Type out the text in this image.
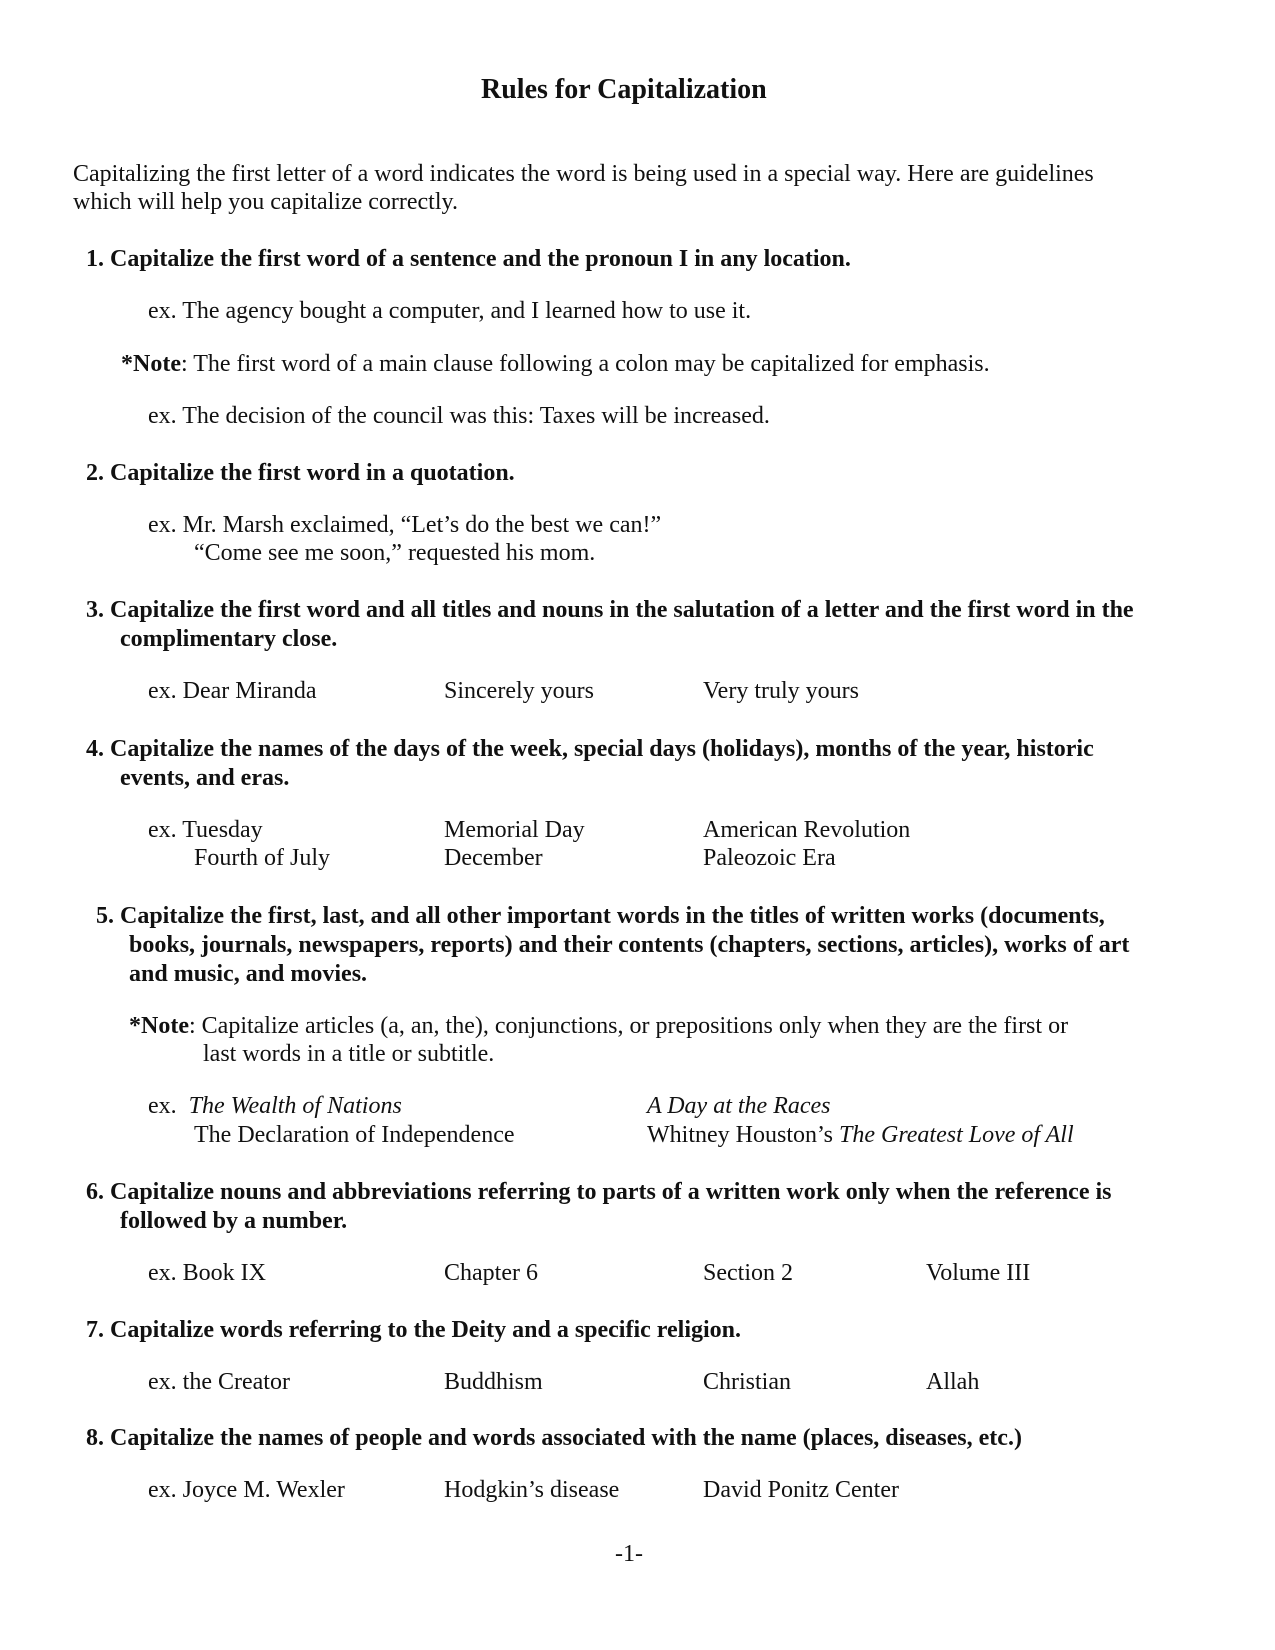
Rules for Capitalization
Capitalizing the first letter of a word indicates the word is being used in a special way. Here are guidelines
which will help you capitalize correctly.
1. Capitalize the first word of a sentence and the pronoun I in any location.
ex. The agency bought a computer, and I learned how to use it.
*Note: The first word of a main clause following a colon may be capitalized for emphasis.
ex. The decision of the council was this: Taxes will be increased.
2. Capitalize the first word in a quotation.
ex. Mr. Marsh exclaimed, “Let’s do the best we can!”
“Come see me soon,” requested his mom.
3. Capitalize the first word and all titles and nouns in the salutation of a letter and the first word in the
complimentary close.
ex. Dear Miranda	Sincerely yours	Very truly yours
4. Capitalize the names of the days of the week, special days (holidays), months of the year, historic
events, and eras.
ex. Tuesday	Memorial Day	American Revolution
Fourth of July	December	Paleozoic Era
5. Capitalize the first, last, and all other important words in the titles of written works (documents,
books, journals, newspapers, reports) and their contents (chapters, sections, articles), works of art
and music, and movies.
*Note: Capitalize articles (a, an, the), conjunctions, or prepositions only when they are the first or
last words in a title or subtitle.
ex.  The Wealth of Nations	A Day at the Races
The Declaration of Independence	Whitney Houston’s The Greatest Love of All
6. Capitalize nouns and abbreviations referring to parts of a written work only when the reference is
followed by a number.
ex. Book IX	Chapter 6	Section 2	Volume III
7. Capitalize words referring to the Deity and a specific religion.
ex. the Creator	Buddhism	Christian	Allah
8. Capitalize the names of people and words associated with the name (places, diseases, etc.)
ex. Joyce M. Wexler	Hodgkin’s disease	David Ponitz Center
-1-
